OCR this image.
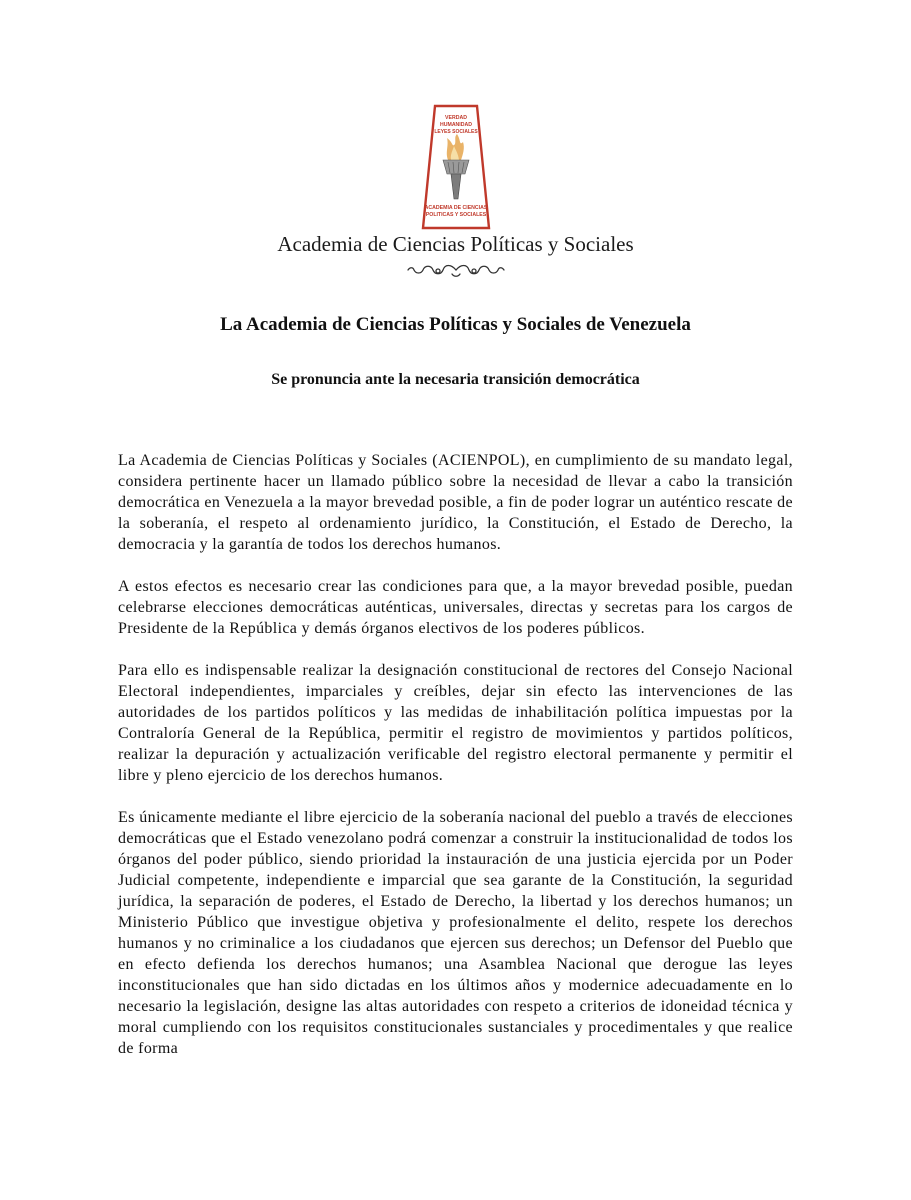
VERDAD
HUMANIDAD
LEYES SOCIALES
ACADEMIA DE CIENCIAS
POLITICAS Y SOCIALES
Academia de Ciencias Políticas y Sociales
La Academia de Ciencias Políticas y Sociales de Venezuela
Se pronuncia ante la necesaria transición democrática

La Academia de Ciencias Políticas y Sociales (ACIENPOL), en cumplimiento de su mandato legal, considera pertinente hacer un llamado público sobre la necesidad de llevar a cabo la transición democrática en Venezuela a la mayor brevedad posible, a fin de poder lograr un auténtico rescate de la soberanía, el respeto al ordenamiento jurídico, la Constitución, el Estado de Derecho, la democracia y la garantía de todos los derechos humanos.

A estos efectos es necesario crear las condiciones para que, a la mayor brevedad posible, puedan celebrarse elecciones democráticas auténticas, universales, directas y secretas para los cargos de Presidente de la República y demás órganos electivos de los poderes públicos.

Para ello es indispensable realizar la designación constitucional de rectores del Consejo Nacional Electoral independientes, imparciales y creíbles, dejar sin efecto las intervenciones de las autoridades de los partidos políticos y las medidas de inhabilitación política impuestas por la Contraloría General de la República, permitir el registro de movimientos y partidos políticos, realizar la depuración y actualización verificable del registro electoral permanente y permitir el libre y pleno ejercicio de los derechos humanos.

Es únicamente mediante el libre ejercicio de la soberanía nacional del pueblo a través de elecciones democráticas que el Estado venezolano podrá comenzar a construir la institucionalidad de todos los órganos del poder público, siendo prioridad la instauración de una justicia ejercida por un Poder Judicial competente, independiente e imparcial que sea garante de la Constitución, la seguridad jurídica, la separación de poderes, el Estado de Derecho, la libertad y los derechos humanos; un Ministerio Público que investigue objetiva y profesionalmente el delito, respete los derechos humanos y no criminalice a los ciudadanos que ejercen sus derechos; un Defensor del Pueblo que en efecto defienda los derechos humanos; una Asamblea Nacional que derogue las leyes inconstitucionales que han sido dictadas en los últimos años y modernice adecuadamente en lo necesario la legislación, designe las altas autoridades con respeto a criterios de idoneidad técnica y moral cumpliendo con los requisitos constitucionales sustanciales y procedimentales y que realice de forma
